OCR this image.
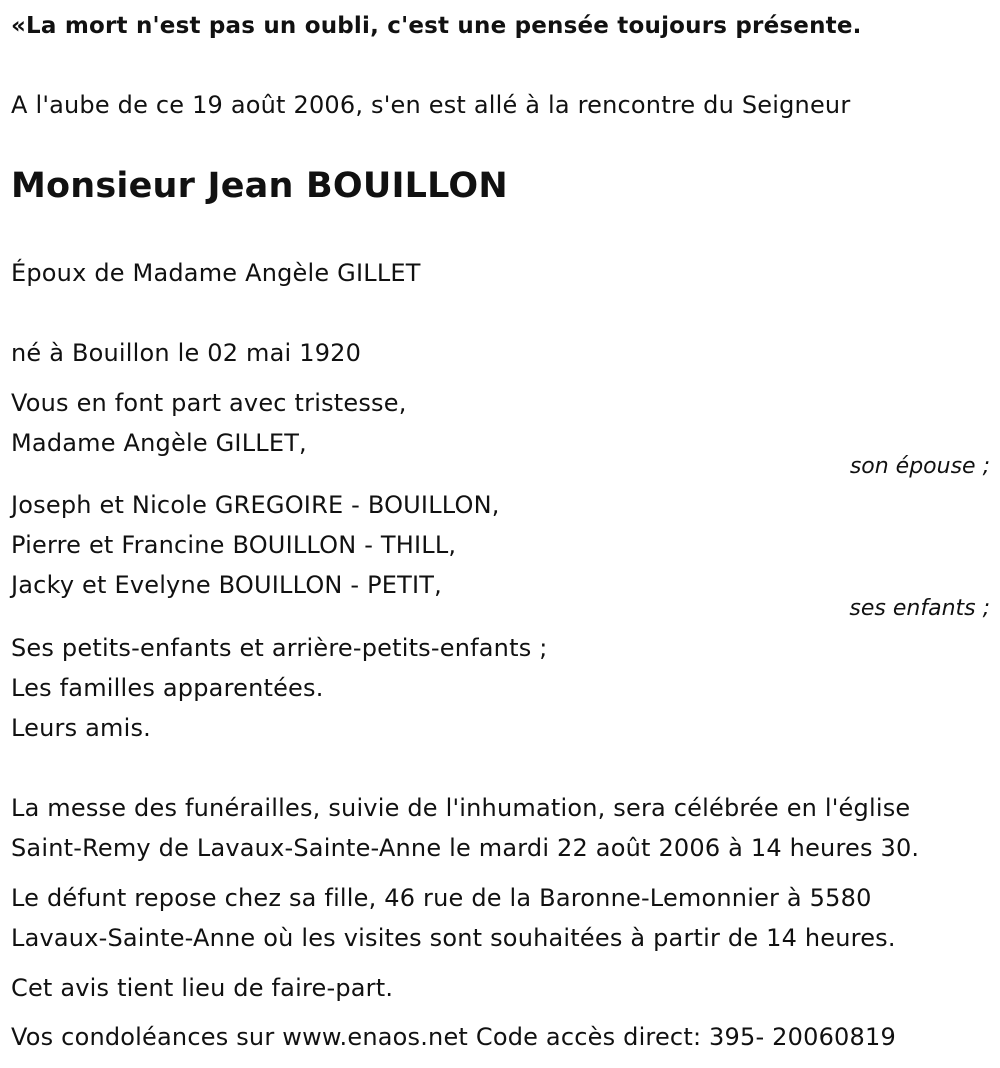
«La mort n'est pas un oubli, c'est une pensée toujours présente.
A l'aube de ce 19 août 2006, s'en est allé à la rencontre du Seigneur
Monsieur Jean BOUILLON
Époux de Madame Angèle GILLET
né à Bouillon le 02 mai 1920
Vous en font part avec tristesse,
Madame Angèle GILLET,
son épouse ;
Joseph et Nicole GREGOIRE - BOUILLON,
Pierre et Francine BOUILLON - THILL,
Jacky et Evelyne BOUILLON - PETIT,
ses enfants ;
Ses petits-enfants et arrière-petits-enfants ;
Les familles apparentées.
Leurs amis.
La messe des funérailles, suivie de l'inhumation, sera célébrée en l'église
Saint-Remy de Lavaux-Sainte-Anne le mardi 22 août 2006 à 14 heures 30.
Le défunt repose chez sa fille, 46 rue de la Baronne-Lemonnier à 5580
Lavaux-Sainte-Anne où les visites sont souhaitées à partir de 14 heures.
Cet avis tient lieu de faire-part.
Vos condoléances sur www.enaos.net Code accès direct: 395- 20060819
